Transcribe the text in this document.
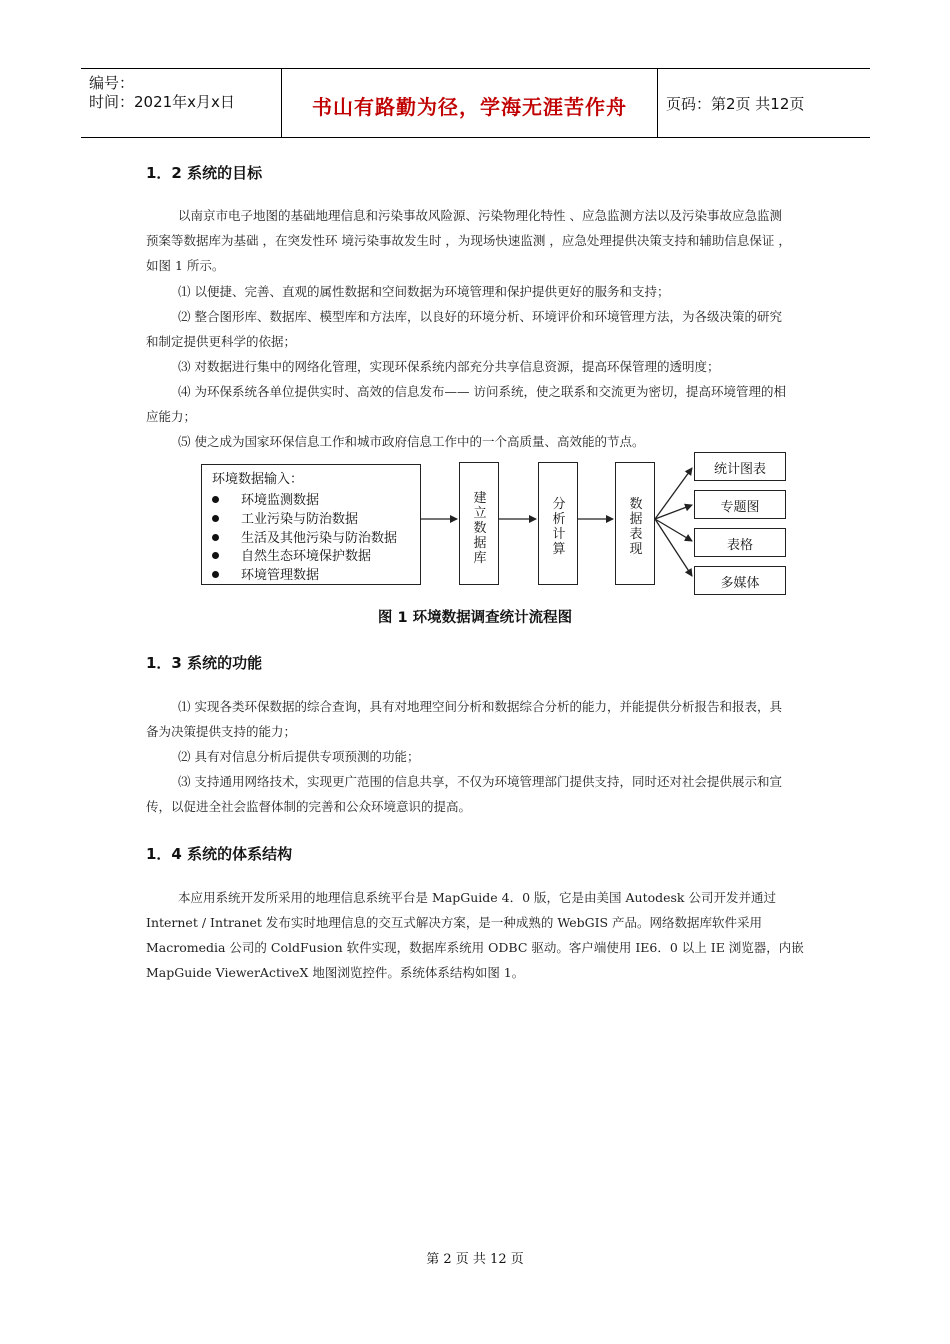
编号：
时间：2021年x月x日	书山有路勤为径，学海无涯苦作舟	页码：第2页 共12页
1．2 系统的目标
以南京市电子地图的基础地理信息和污染事故风险源、污染物理化特性 、应急监测方法以及污染事故应急监测
预案等数据库为基础 ，在突发性环 境污染事故发生时 ，为现场快速监测 ，应急处理提供决策支持和辅助信息保证 ，
如图 1 所示。
⑴ 以便捷、完善、直观的属性数据和空间数据为环境管理和保护提供更好的服务和支持；
⑵ 整合图形库、数据库、模型库和方法库，以良好的环境分析、环境评价和环境管理方法，为各级决策的研究
和制定提供更科学的依据；
⑶ 对数据进行集中的网络化管理，实现环保系统内部充分共享信息资源，提高环保管理的透明度；
⑷ 为环保系统各单位提供实时、高效的信息发布—— 访问系统，使之联系和交流更为密切，提高环境管理的相
应能力；
⑸ 使之成为国家环保信息工作和城市政府信息工作中的一个高质量、高效能的节点。
环境数据输入：
环境监测数据
工业污染与防治数据
生活及其他污染与防治数据
自然生态环境保护数据
环境管理数据
建立数据库
分析计算
数据表现
统计图表
专题图
表格
多媒体
图 1 环境数据调查统计流程图
1．3 系统的功能
⑴ 实现各类环保数据的综合查询，具有对地理空间分析和数据综合分析的能力，并能提供分析报告和报表，具
备为决策提供支持的能力；
⑵ 具有对信息分析后提供专项预测的功能；
⑶ 支持通用网络技术，实现更广范围的信息共享，不仅为环境管理部门提供支持，同时还对社会提供展示和宣
传，以促进全社会监督体制的完善和公众环境意识的提高。
1．4 系统的体系结构
本应用系统开发所采用的地理信息系统平台是 MapGuide 4．0 版，它是由美国 Autodesk 公司开发并通过
Internet / Intranet 发布实时地理信息的交互式解决方案，是一种成熟的 WebGIS 产品。网络数据库软件采用
Macromedia 公司的 ColdFusion 软件实现，数据库系统用 ODBC 驱动。客户端使用 IE6．0 以上 IE 浏览器，内嵌
MapGuide ViewerActiveX 地图浏览控件。系统体系结构如图 1。
第 2 页 共 12 页
